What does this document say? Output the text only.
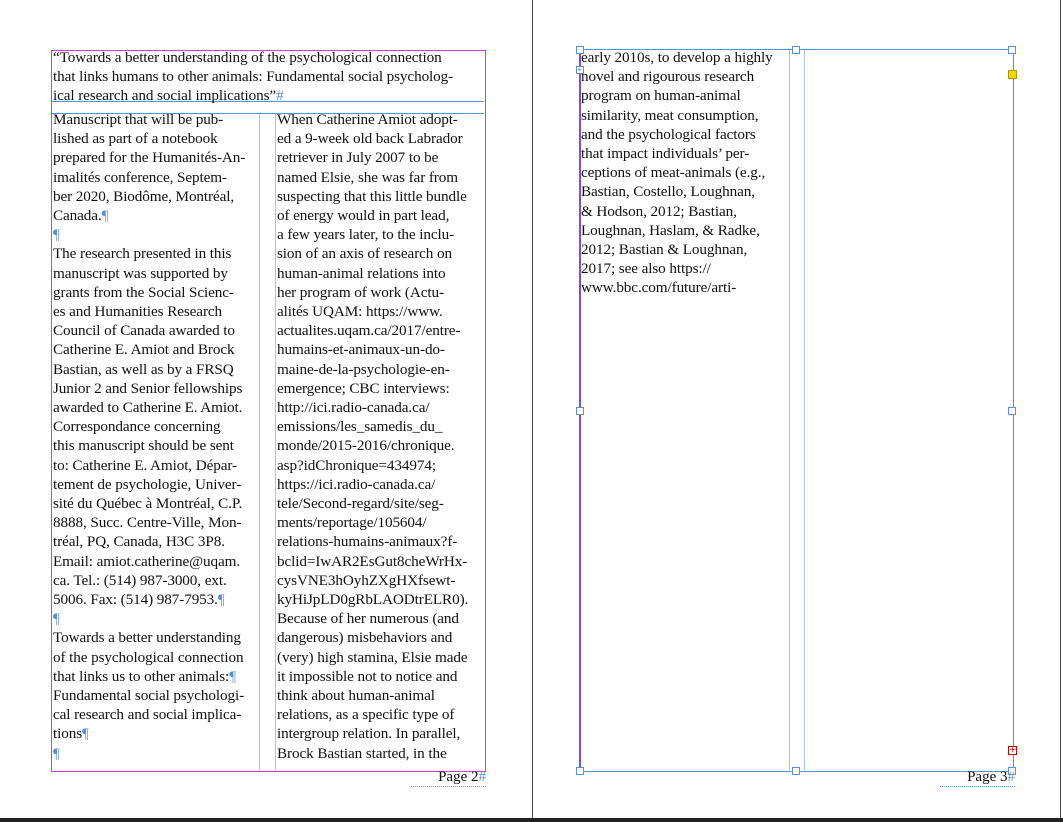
“Towards a better understanding of the psychological connection
that links humans to other animals: Fundamental social psycholog-
ical research and social implications”#
Manuscript that will be pub-
lished as part of a notebook
prepared for the Humanités-An-
imalités conference, Septem-
ber 2020, Biodôme, Montréal,
Canada.¶
¶
The research presented in this
manuscript was supported by
grants from the Social Scienc-
es and Humanities Research
Council of Canada awarded to
Catherine E. Amiot and Brock
Bastian, as well as by a FRSQ
Junior 2 and Senior fellowships
awarded to Catherine E. Amiot.
Correspondance concerning
this manuscript should be sent
to: Catherine E. Amiot, Dépar-
tement de psychologie, Univer-
sité du Québec à Montréal, C.P.
8888, Succ. Centre-Ville, Mon-
tréal, PQ, Canada, H3C 3P8.
Email: amiot.catherine@uqam.
ca. Tel.: (514) 987-3000, ext.
5006. Fax: (514) 987-7953.¶
¶
Towards a better understanding
of the psychological connection
that links us to other animals:¶
Fundamental social psychologi-
cal research and social implica-
tions¶
¶
When Catherine Amiot adopt-
ed a 9-week old back Labrador
retriever in July 2007 to be
named Elsie, she was far from
suspecting that this little bundle
of energy would in part lead,
a few years later, to the inclu-
sion of an axis of research on
human-animal relations into
her program of work (Actu-
alités UQAM: https://www.
actualites.uqam.ca/2017/entre-
humains-et-animaux-un-do-
maine-de-la-psychologie-en-
emergence; CBC interviews:
http://ici.radio-canada.ca/
emissions/les_samedis_du_
monde/2015-2016/chronique.
asp?idChronique=434974;
https://ici.radio-canada.ca/
tele/Second-regard/site/seg-
ments/reportage/105604/
relations-humains-animaux?f-
bclid=IwAR2EsGut8cheWrHx-
cysVNE3hOyhZXgHXfsewt-
kyHiJpLD0gRbLAODtrELR0).
Because of her numerous (and
dangerous) misbehaviors and
(very) high stamina, Elsie made
it impossible not to notice and
think about human-animal
relations, as a specific type of
intergroup relation. In parallel,
Brock Bastian started, in the
Page 2#
▸
+
early 2010s, to develop a highly
novel and rigourous research
program on human-animal
similarity, meat consumption,
and the psychological factors
that impact individuals’ per-
ceptions of meat-animals (e.g.,
Bastian, Costello, Loughnan,
& Hodson, 2012; Bastian,
Loughnan, Haslam, & Radke,
2012; Bastian & Loughnan,
2017; see also https://
www.bbc.com/future/arti-
Page 3#
